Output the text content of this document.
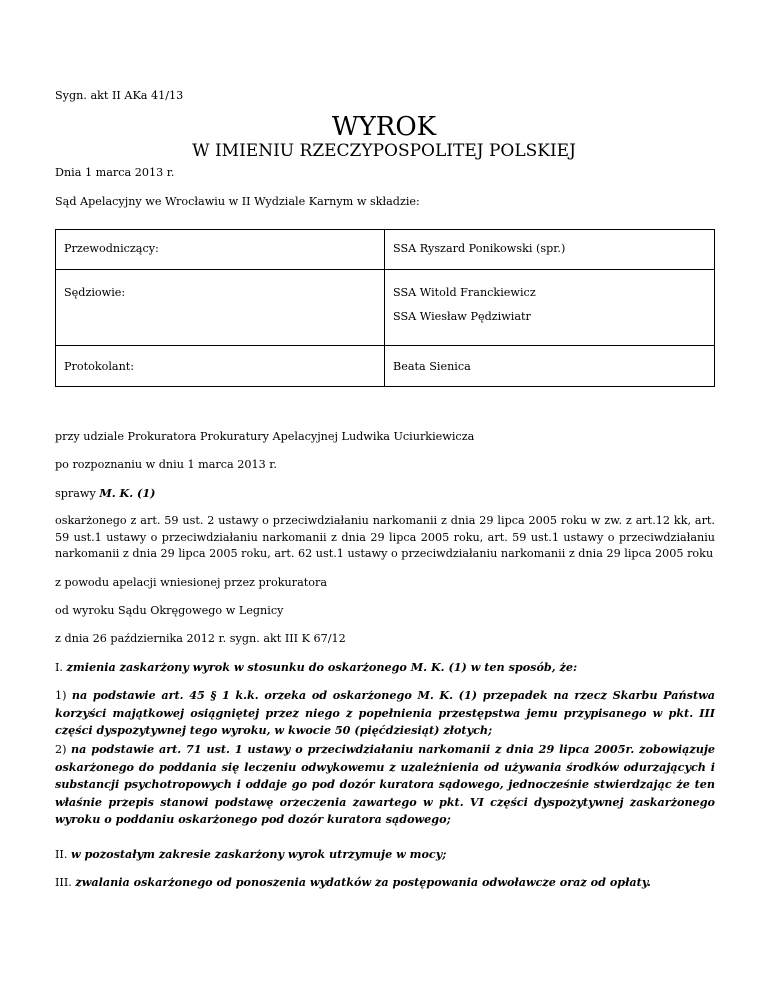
Sygn. akt II AKa 41/13
WYROK
W IMIENIU RZECZYPOSPOLITEJ POLSKIEJ
Dnia 1 marca 2013 r.
Sąd Apelacyjny we Wrocławiu w II Wydziale Karnym w składzie:
Przewodniczący:	SSA Ryszard Ponikowski (spr.)

Sędziowie:	SSA Witold Franckiewicz
SSA Wiesław Pędziwiatr

Protokolant:	Beata Sienica
przy udziale Prokuratora Prokuratury Apelacyjnej Ludwika Uciurkiewicza
po rozpoznaniu w dniu 1 marca 2013 r.
sprawy M. K. (1)
oskarżonego z art. 59 ust. 2 ustawy o przeciwdziałaniu narkomanii z dnia 29 lipca 2005 roku w zw. z art.12 kk, art. 59 ust.1 ustawy o przeciwdziałaniu narkomanii z dnia 29 lipca 2005 roku, art. 59 ust.1 ustawy o przeciwdziałaniu narkomanii z dnia 29 lipca 2005 roku, art. 62 ust.1 ustawy o przeciwdziałaniu narkomanii z dnia 29 lipca 2005 roku
z powodu apelacji wniesionej przez prokuratora
od wyroku Sądu Okręgowego w Legnicy
z dnia 26 października 2012 r. sygn. akt III K 67/12
I. zmienia zaskarżony wyrok w stosunku do oskarżonego M. K. (1) w ten sposób, że:
1) na podstawie art. 45 § 1 k.k. orzeka od oskarżonego M. K. (1) przepadek na rzecz Skarbu Państwa korzyści majątkowej osiągniętej przez niego z popełnienia przestępstwa jemu przypisanego w pkt. III części dyspozytywnej tego wyroku, w kwocie 50 (pięćdziesiąt) złotych;
2) na podstawie art. 71 ust. 1 ustawy o przeciwdziałaniu narkomanii z dnia 29 lipca 2005r. zobowiązuje oskarżonego do poddania się leczeniu odwykowemu z uzależnienia od używania środków odurzających i substancji psychotropowych i oddaje go pod dozór kuratora sądowego, jednocześnie stwierdzając że ten właśnie przepis stanowi podstawę orzeczenia zawartego w pkt. VI części dyspozytywnej zaskarżonego wyroku o poddaniu oskarżonego pod dozór kuratora sądowego;
II. w pozostałym zakresie zaskarżony wyrok utrzymuje w mocy;
III. zwalania oskarżonego od ponoszenia wydatków za postępowania odwoławcze oraz od opłaty.
